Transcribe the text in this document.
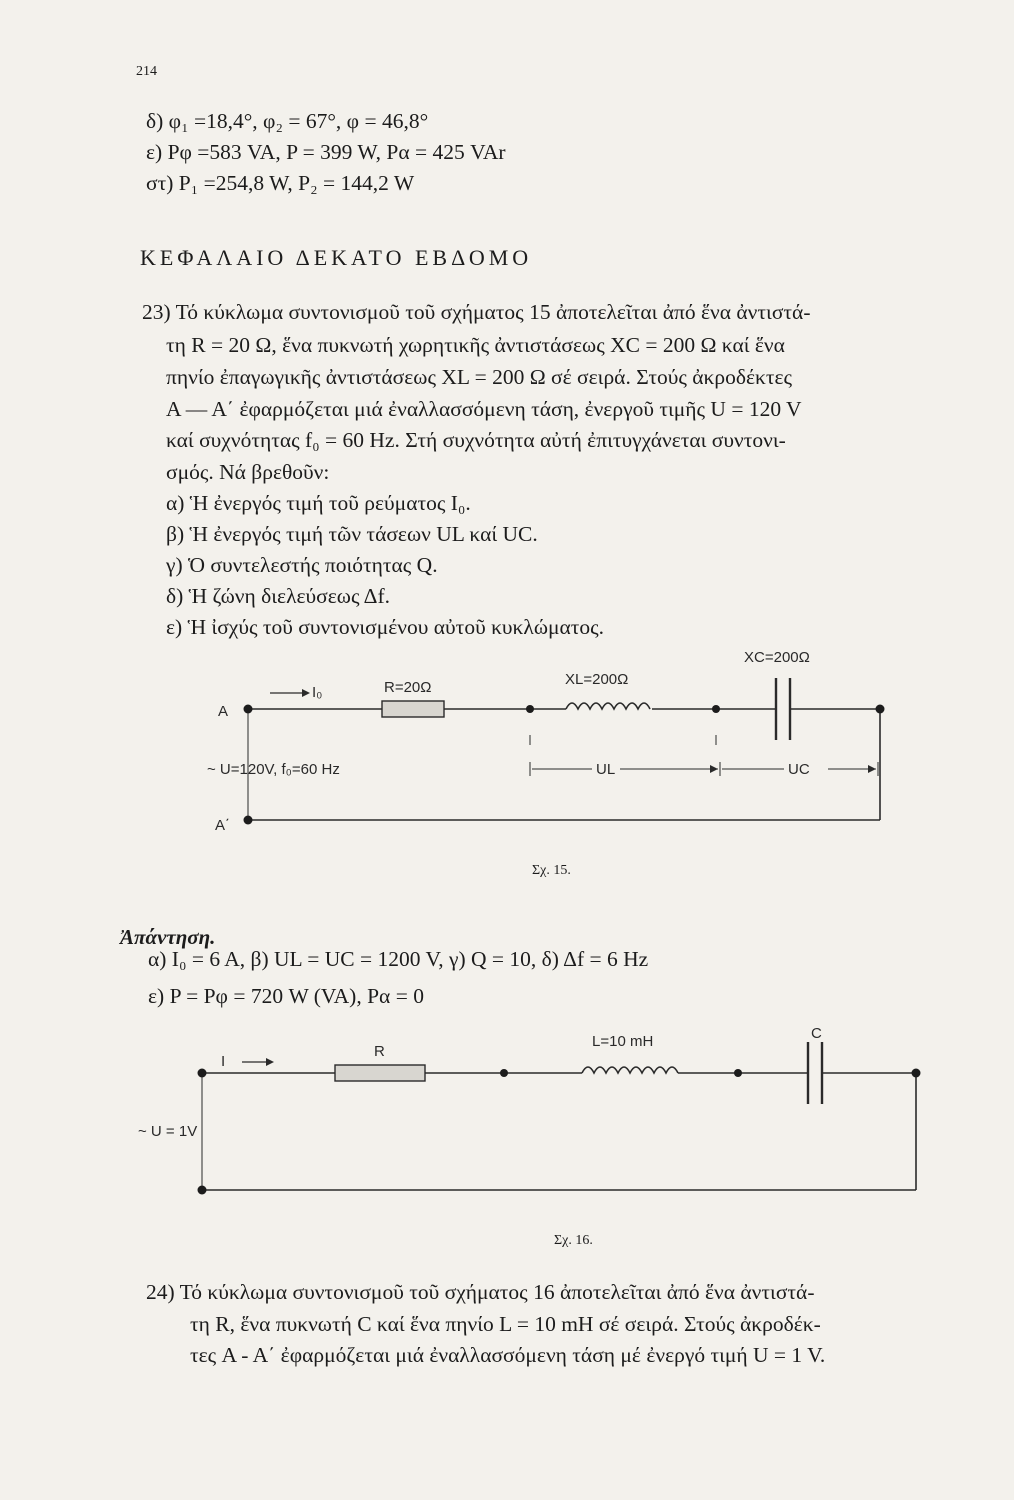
214
δ) φ₁ =18,4°, φ₂ = 67°, φ = 46,8°
ε) Pφ =583 VA, P = 399 W, Pα = 425 VAr
στ) P₁ =254,8 W, P₂ = 144,2 W
ΚΕΦΑΛΑΙΟ ΔΕΚΑΤΟ ΕΒΔΟΜΟ
23) Τό κύκλωμα συντονισμοῦ τοῦ σχήματος 15 ἀποτελεῖται ἀπό ἕνα ἀντιστά-
τη R = 20 Ω, ἕνα πυκνωτή χωρητικῆς ἀντιστάσεως XC = 200 Ω καί ἕνα
πηνίο ἐπαγωγικῆς ἀντιστάσεως XL = 200 Ω σέ σειρά. Στούς ἀκροδέκτες
A — A΄ ἐφαρμόζεται μιά ἐναλλασσόμενη τάση, ἐνεργοῦ τιμῆς U = 120 V
καί συχνότητας f₀ = 60 Hz. Στή συχνότητα αὐτή ἐπιτυγχάνεται συντονι-
σμός. Νά βρεθοῦν:
α) Ἡ ἐνεργός τιμή τοῦ ρεύματος I₀.
β) Ἡ ἐνεργός τιμή τῶν τάσεων UL καί UC.
γ) Ὁ συντελεστής ποιότητας Q.
δ) Ἡ ζώνη διελεύσεως Δf.
ε) Ἡ ἰσχύς τοῦ συντονισμένου αὐτοῦ κυκλώματος.
A
A΄
I₀	R=20Ω	XL=200Ω
XC=200Ω
~ U=120V, f₀=60 Hz	UL	UC
Σχ. 15.
Ἀπάντηση.
α) I₀ = 6 A, β) UL = UC = 1200 V, γ) Q = 10, δ) Δf = 6 Hz
ε) P = Pφ = 720 W (VA), Pα = 0
I
R
L=10 mH	C
~ U = 1V
Σχ. 16.
24) Τό κύκλωμα συντονισμοῦ τοῦ σχήματος 16 ἀποτελεῖται ἀπό ἕνα ἀντιστά-
τη R, ἕνα πυκνωτή C καί ἕνα πηνίο L = 10 mH σέ σειρά. Στούς ἀκροδέκ-
τες A - A΄ ἐφαρμόζεται μιά ἐναλλασσόμενη τάση μέ ἐνεργό τιμή U = 1 V.
